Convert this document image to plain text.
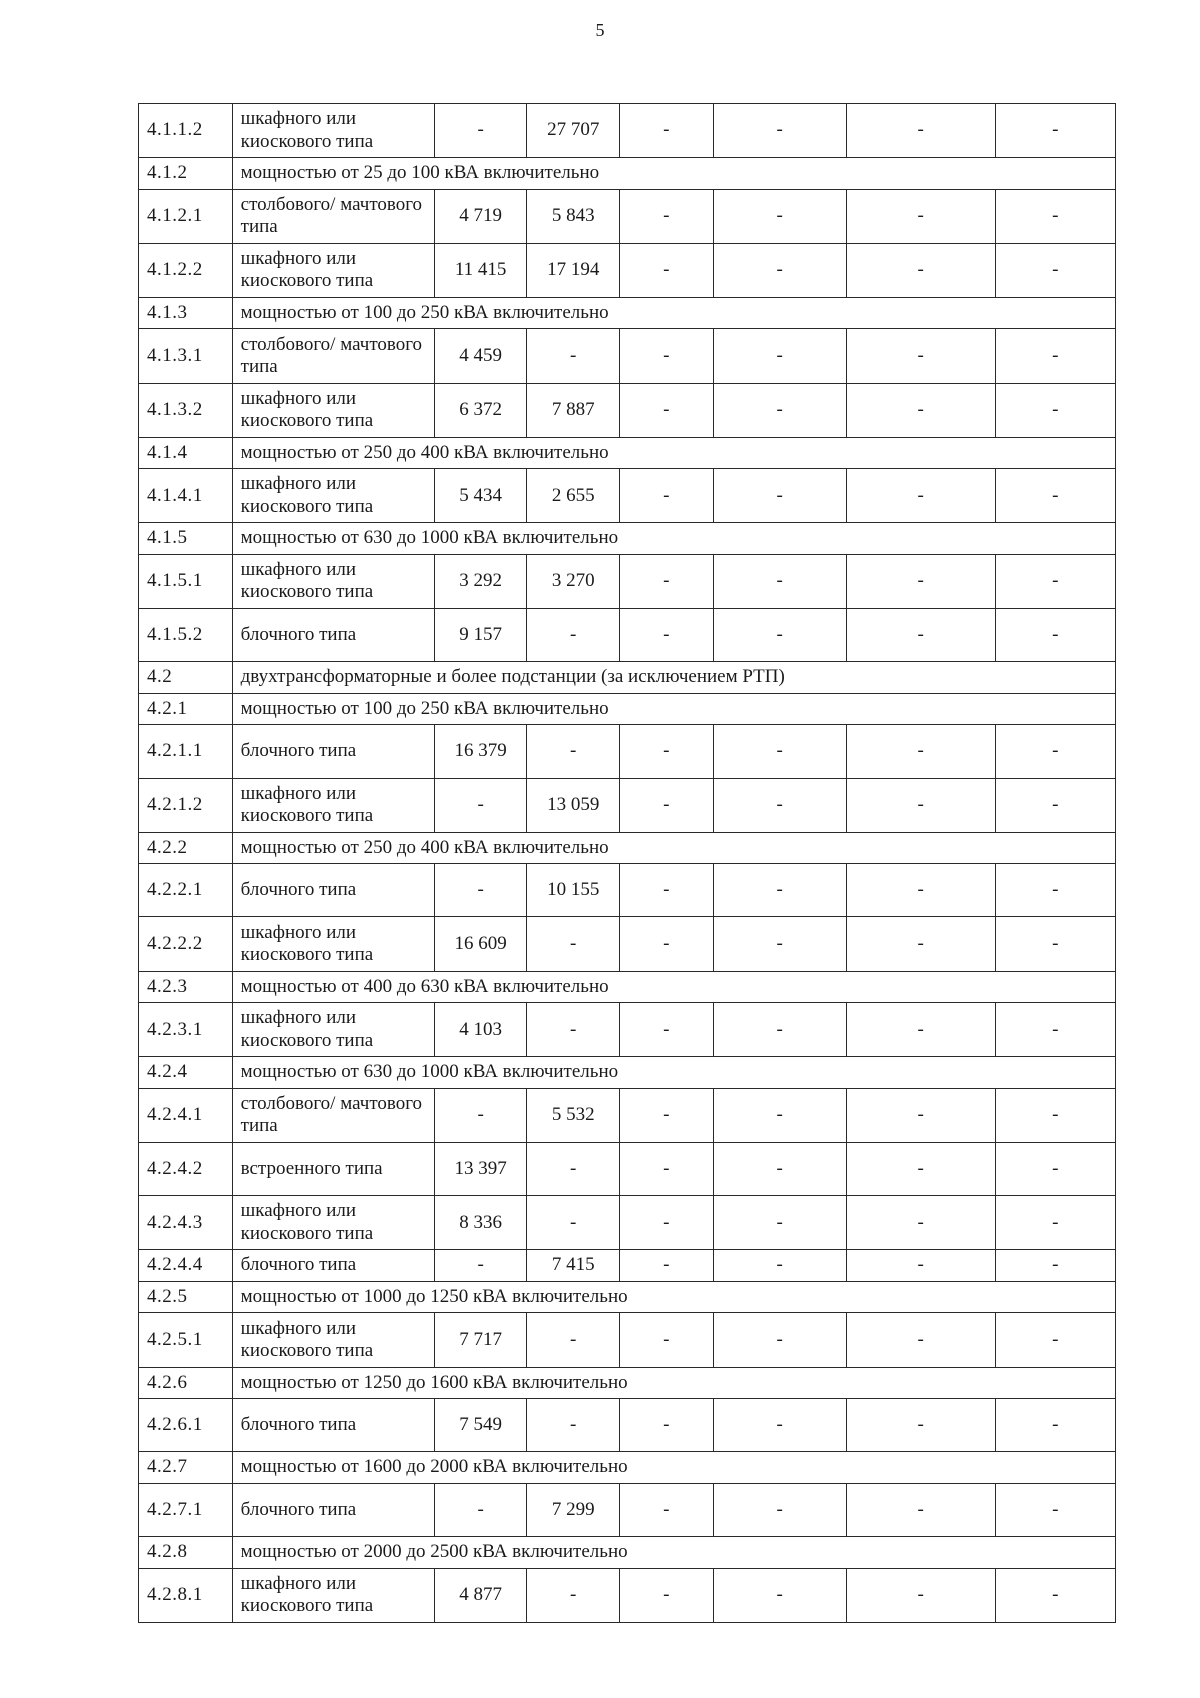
5
4.1.1.2	шкафного или киоскового типа	-	27 707	-	-	-	-
4.1.2	мощностью от 25 до 100 кВА включительно						
4.1.2.1	столбового/ мачтового типа	4 719	5 843	-	-	-	-
4.1.2.2	шкафного или киоскового типа	11 415	17 194	-	-	-	-
4.1.3	мощностью от 100 до 250 кВА включительно						
4.1.3.1	столбового/ мачтового типа	4 459	-	-	-	-	-
4.1.3.2	шкафного или киоскового типа	6 372	7 887	-	-	-	-
4.1.4	мощностью от 250 до 400 кВА включительно						
4.1.4.1	шкафного или киоскового типа	5 434	2 655	-	-	-	-
4.1.5	мощностью от 630 до 1000 кВА включительно						
4.1.5.1	шкафного или киоскового типа	3 292	3 270	-	-	-	-
4.1.5.2	блочного типа	9 157	-	-	-	-	-
4.2	двухтрансформаторные и более подстанции (за исключением РТП)						
4.2.1	мощностью от 100 до 250 кВА включительно						
4.2.1.1	блочного типа	16 379	-	-	-	-	-
4.2.1.2	шкафного или киоскового типа	-	13 059	-	-	-	-
4.2.2	мощностью от 250 до 400 кВА включительно						
4.2.2.1	блочного типа	-	10 155	-	-	-	-
4.2.2.2	шкафного или киоскового типа	16 609	-	-	-	-	-
4.2.3	мощностью от 400 до 630 кВА включительно						
4.2.3.1	шкафного или киоскового типа	4 103	-	-	-	-	-
4.2.4	мощностью от 630 до 1000 кВА включительно						
4.2.4.1	столбового/ мачтового типа	-	5 532	-	-	-	-
4.2.4.2	встроенного типа	13 397	-	-	-	-	-
4.2.4.3	шкафного или киоскового типа	8 336	-	-	-	-	-
4.2.4.4	блочного типа	-	7 415	-	-	-	-
4.2.5	мощностью от 1000 до 1250 кВА включительно						
4.2.5.1	шкафного или киоскового типа	7 717	-	-	-	-	-
4.2.6	мощностью от 1250 до 1600 кВА включительно						
4.2.6.1	блочного типа	7 549	-	-	-	-	-
4.2.7	мощностью от 1600 до 2000 кВА включительно						
4.2.7.1	блочного типа	-	7 299	-	-	-	-
4.2.8	мощностью от 2000 до 2500 кВА включительно						
4.2.8.1	шкафного или киоскового типа	4 877	-	-	-	-	-
